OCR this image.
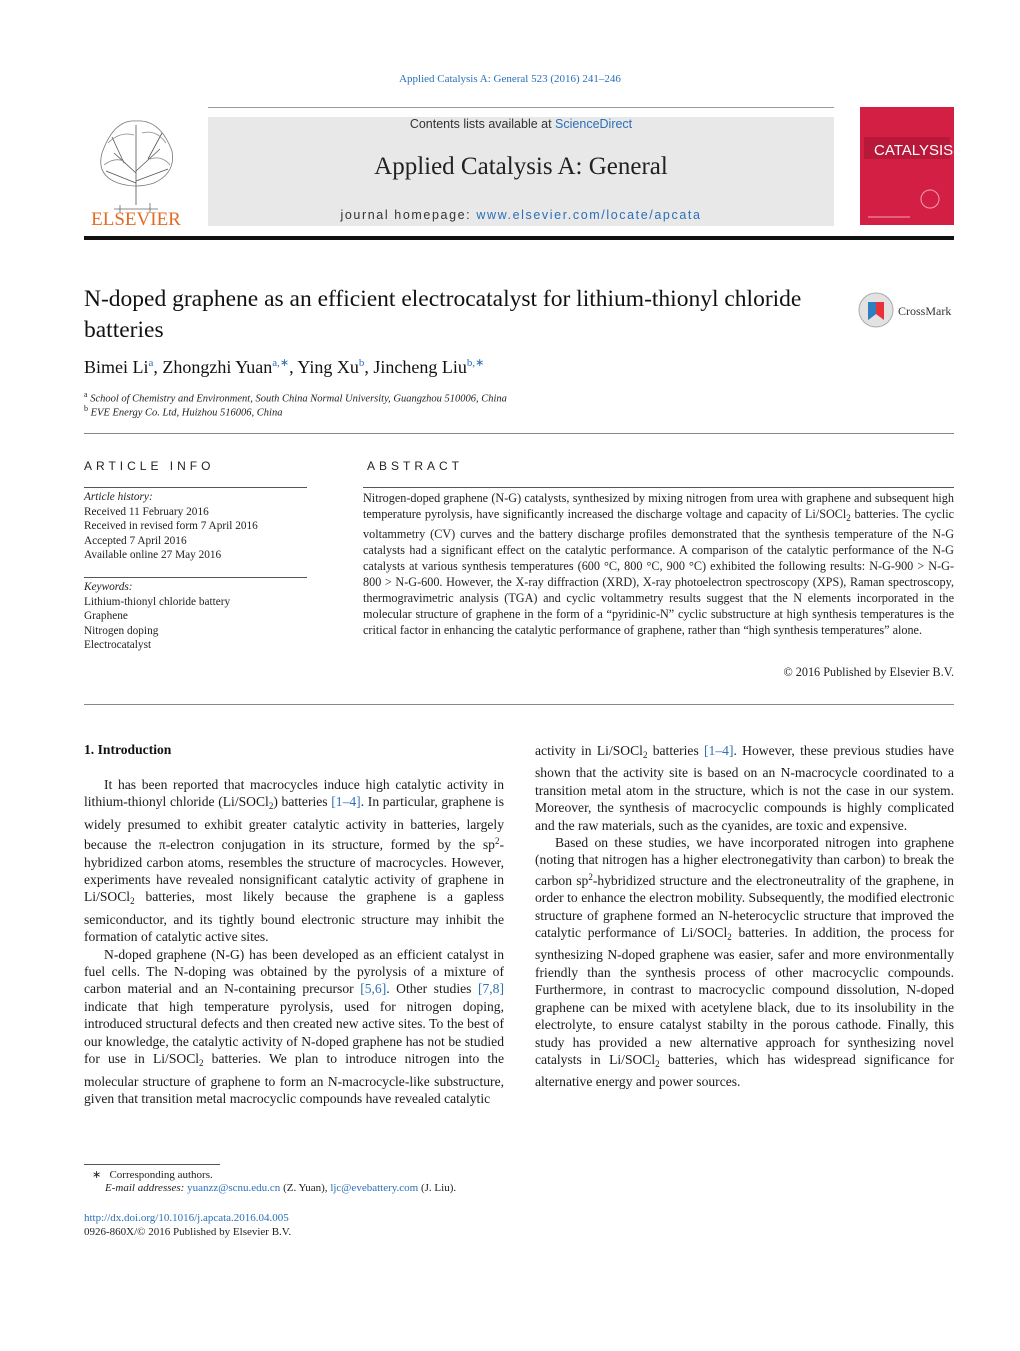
Applied Catalysis A: General 523 (2016) 241–246
ELSEVIER
Contents lists available at ScienceDirect
Applied Catalysis A: General
journal homepage: www.elsevier.com/locate/apcata
CATALYSIS
N-doped graphene as an efficient electrocatalyst for lithium-thionyl chloride batteries
CrossMark
Bimei Li$^a$, Zhongzhi Yuan$^{a,∗}$, Ying Xu$^b$, Jincheng Liu$^{b,∗}$
$^a$ School of Chemistry and Environment, South China Normal University, Guangzhou 510006, China
$^b$ EVE Energy Co. Ltd, Huizhou 516006, China
ARTICLE INFO
Article history:
Received 11 February 2016
Received in revised form 7 April 2016
Accepted 7 April 2016
Available online 27 May 2016
Keywords:
Lithium-thionyl chloride battery
Graphene
Nitrogen doping
Electrocatalyst
ABSTRACT
Nitrogen-doped graphene (N-G) catalysts, synthesized by mixing nitrogen from urea with graphene and subsequent high temperature pyrolysis, have significantly increased the discharge voltage and capacity of Li/SOCl$_2$ batteries. The cyclic voltammetry (CV) curves and the battery discharge profiles demonstrated that the synthesis temperature of the N-G catalysts had a significant effect on the catalytic performance. A comparison of the catalytic performance of the N-G catalysts at various synthesis temperatures (600 °C, 800 °C, 900 °C) exhibited the following results: N-G-900 > N-G-800 > N-G-600. However, the X-ray diffraction (XRD), X-ray photoelectron spectroscopy (XPS), Raman spectroscopy, thermogravimetric analysis (TGA) and cyclic voltammetry results suggest that the N elements incorporated in the molecular structure of graphene in the form of a “pyridinic-N” cyclic substructure at high synthesis temperatures is the critical factor in enhancing the catalytic performance of graphene, rather than “high synthesis temperatures” alone.
© 2016 Published by Elsevier B.V.
1. Introduction

It has been reported that macrocycles induce high catalytic activity in lithium-thionyl chloride (Li/SOCl$_2$) batteries [1–4]. In particular, graphene is widely presumed to exhibit greater catalytic activity in batteries, largely because the π-electron conjugation in its structure, formed by the $sp^2$-hybridized carbon atoms, resembles the structure of macrocycles. However, experiments have revealed nonsignificant catalytic activity of graphene in Li/SOCl$_2$ batteries, most likely because the graphene is a gapless semiconductor, and its tightly bound electronic structure may inhibit the formation of catalytic active sites.

N-doped graphene (N-G) has been developed as an efficient catalyst in fuel cells. The N-doping was obtained by the pyrolysis of a mixture of carbon material and an N-containing precursor [5,6]. Other studies [7,8] indicate that high temperature pyrolysis, used for nitrogen doping, introduced structural defects and then created new active sites. To the best of our knowledge, the catalytic activity of N-doped graphene has not be studied for use in Li/SOCl$_2$ batteries. We plan to introduce nitrogen into the molecular structure of graphene to form an N-macrocycle-like substructure, given that transition metal macrocyclic compounds have revealed catalytic

activity in Li/SOCl$_2$ batteries [1–4]. However, these previous studies have shown that the activity site is based on an N-macrocycle coordinated to a transition metal atom in the structure, which is not the case in our system. Moreover, the synthesis of macrocyclic compounds is highly complicated and the raw materials, such as the cyanides, are toxic and expensive.

Based on these studies, we have incorporated nitrogen into graphene (noting that nitrogen has a higher electronegativity than carbon) to break the carbon $sp^2$-hybridized structure and the electroneutrality of the graphene, in order to enhance the electron mobility. Subsequently, the modified electronic structure of graphene formed an N-heterocyclic structure that improved the catalytic performance of Li/SOCl$_2$ batteries. In addition, the process for synthesizing N-doped graphene was easier, safer and more environmentally friendly than the synthesis process of other macrocyclic compounds. Furthermore, in contrast to macrocyclic compound dissolution, N-doped graphene can be mixed with acetylene black, due to its insolubility in the electrolyte, to ensure catalyst stabilty in the porous cathode. Finally, this study has provided a new alternative approach for synthesizing novel catalysts in Li/SOCl$_2$ batteries, which has widespread significance for alternative energy and power sources.

∗ Corresponding authors.
E-mail addresses: yuanzz@scnu.edu.cn (Z. Yuan), ljc@evebattery.com (J. Liu).
http://dx.doi.org/10.1016/j.apcata.2016.04.005
0926-860X/© 2016 Published by Elsevier B.V.
